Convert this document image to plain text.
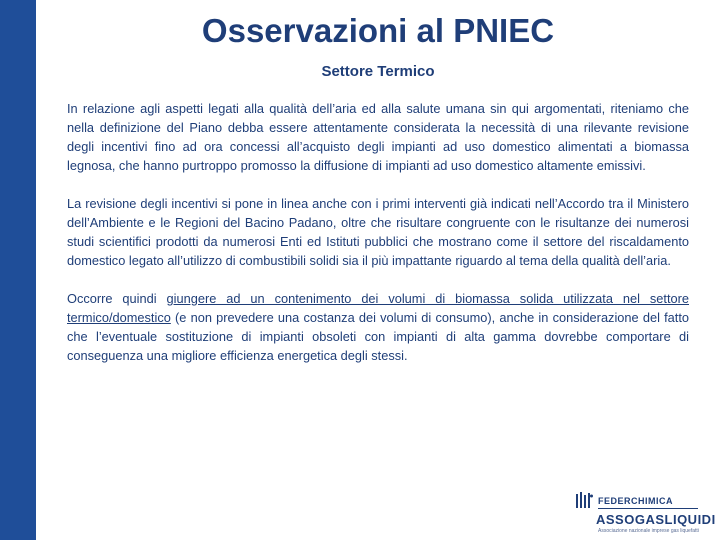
Osservazioni al PNIEC
Settore Termico

In relazione agli aspetti legati alla qualità dell’aria ed alla salute umana sin qui argomentati, riteniamo che nella definizione del Piano debba essere attentamente considerata la necessità di una rilevante revisione degli incentivi fino ad ora concessi all’acquisto degli impianti ad uso domestico alimentati a biomassa legnosa, che hanno purtroppo promosso la diffusione di impianti ad uso domestico altamente emissivi.

La revisione degli incentivi si pone in linea anche con i primi interventi già indicati nell’Accordo tra il Ministero dell’Ambiente e le Regioni del Bacino Padano, oltre che risultare congruente con le risultanze dei numerosi studi scientifici prodotti da numerosi Enti ed Istituti pubblici che mostrano come il settore del riscaldamento domestico legato all’utilizzo di combustibili solidi sia il più impattante riguardo al tema della qualità dell’aria.

Occorre quindi giungere ad un contenimento dei volumi di biomassa solida utilizzata nel settore termico/domestico (e non prevedere una costanza dei volumi di consumo), anche in considerazione del fatto che l’eventuale sostituzione di impianti obsoleti con impianti di alta gamma dovrebbe comportare di conseguenza una migliore efficienza energetica degli stessi.

FEDERCHIMICA
ASSOGASLIQUIDI
Associazione nazionale imprese gas liquefatti
